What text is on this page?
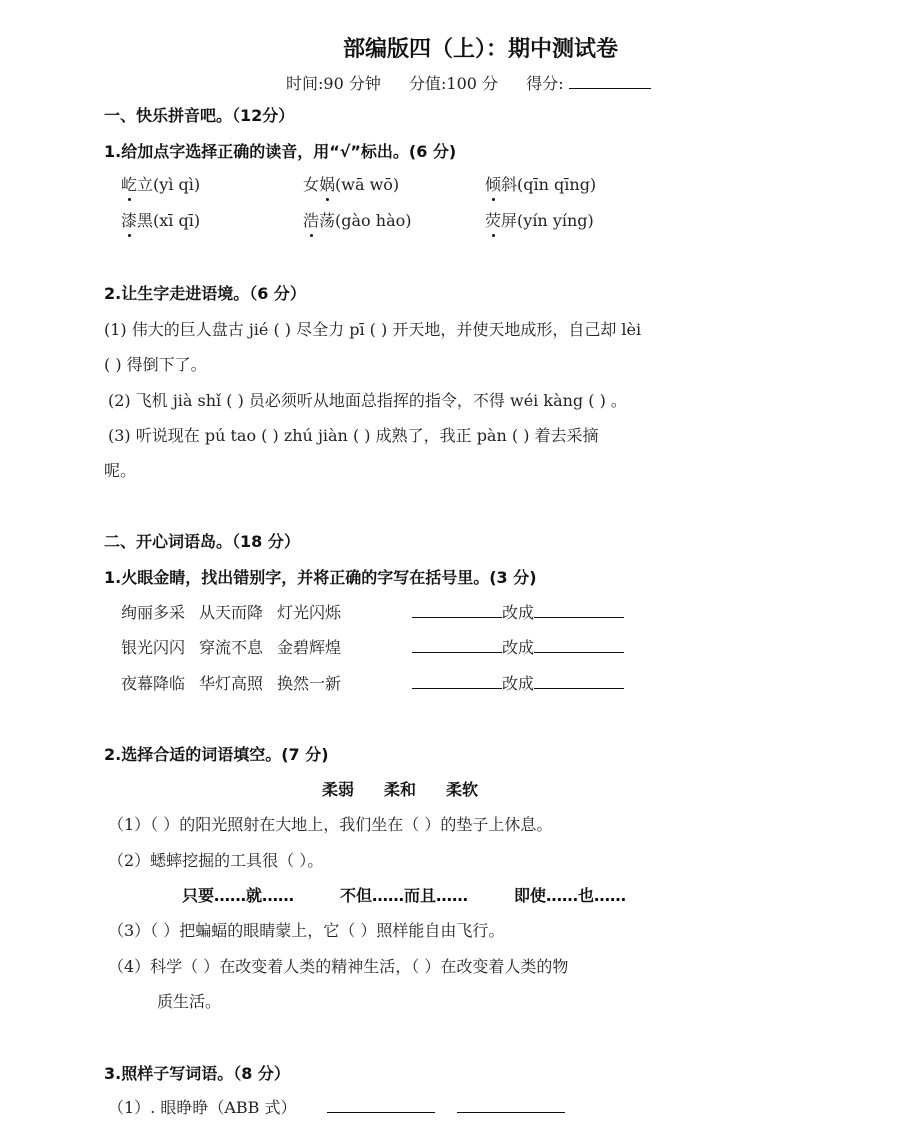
部编版四（上）：期中测试卷
时间:90 分钟 分值:100 分 得分:
一、快乐拼音吧。（12分）
1.给加点字选择正确的读音，用“√”标出。(6 分)
屹立(yì qì)	女娲(wā wō)	倾斜(qīn qīng)
漆黑(xī qī)	浩荡(gào hào)	荧屏(yín yíng)
2.让生字走进语境。（6 分）
(1) 伟大的巨人盘古 jié ( ) 尽全力 pī ( ) 开天地，并使天地成形，自己却 lèi
( ) 得倒下了。
(2) 飞机 jià shǐ ( ) 员必须听从地面总指挥的指令，不得 wéi kàng ( ) 。
(3) 听说现在 pú tao ( ) zhú jiàn ( ) 成熟了，我正 pàn ( ) 着去采摘
呢。
二、开心词语岛。（18 分）
1.火眼金睛，找出错别字，并将正确的字写在括号里。(3 分)
绚丽多采 从天而降 灯光闪烁	改成
银光闪闪 穿流不息 金碧辉煌	改成
夜幕降临 华灯高照 换然一新	改成
2.选择合适的词语填空。(7 分)
柔弱 柔和 柔软
（1）（ ）的阳光照射在大地上，我们坐在（ ）的垫子上休息。
（2）蟋蟀挖掘的工具很（ ）。
只要……就……	不但……而且……	即使……也……
（3）（ ）把蝙蝠的眼睛蒙上，它（ ）照样能自由飞行。
（4）科学（ ）在改变着人类的精神生活，（ ）在改变着人类的物
质生活。
3.照样子写词语。（8 分）
（1）. 眼睁睁（ABB 式）
